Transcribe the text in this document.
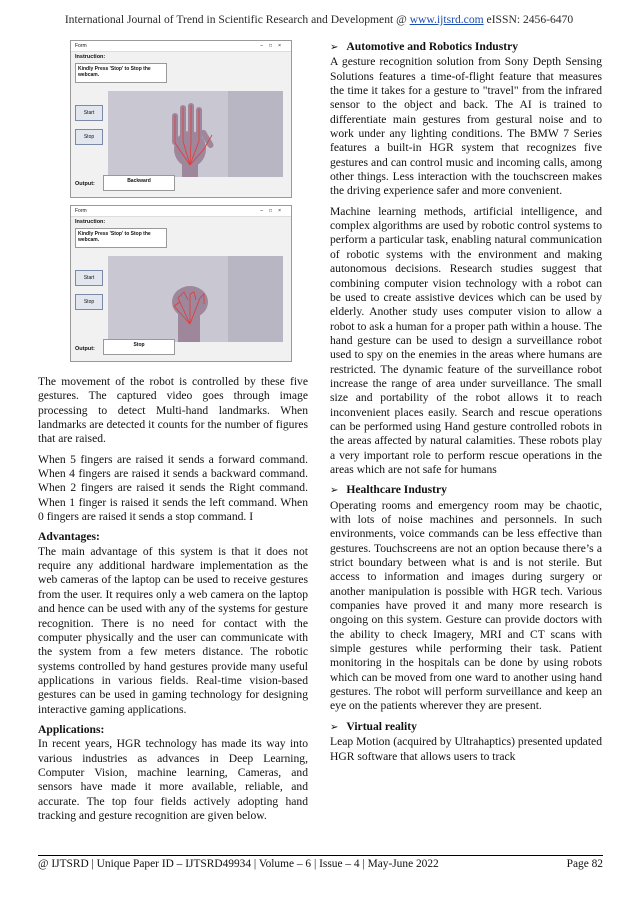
International Journal of Trend in Scientific Research and Development @ www.ijtsrd.com eISSN: 2456-6470
Form	–□×
Instruction:
Kindly Press 'Stop' to Stop the webcam.
Start
Stop
Output:	Backward
Form	–□×
Instruction:
Kindly Press 'Stop' to Stop the webcam.
Start
Stop
Output:
Stop

The movement of the robot is controlled by these five gestures. The captured video goes through image processing to detect Multi-hand landmarks. When landmarks are detected it counts for the number of figures that are raised.

When 5 fingers are raised it sends a forward command. When 4 fingers are raised it sends a backward command. When 2 fingers are raised it sends the Right command. When 1 finger is raised it sends the left command. When 0 fingers are raised it sends a stop command. I

Advantages:

The main advantage of this system is that it does not require any additional hardware implementation as the web cameras of the laptop can be used to receive gestures from the user. It requires only a web camera on the laptop and hence can be used with any of the systems for gesture recognition. There is no need for contact with the computer physically and the user can communicate with the system from a few meters distance. The robotic systems controlled by hand gestures provide many useful applications in various fields. Real-time vision-based gestures can be used in gaming technology for designing interactive gaming applications.

Applications:

In recent years, HGR technology has made its way into various industries as advances in Deep Learning, Computer Vision, machine learning, Cameras, and sensors have made it more available, reliable, and accurate. The top four fields actively adopting hand tracking and gesture recognition are given below.

➢ Automotive and Robotics Industry

A gesture recognition solution from Sony Depth Sensing Solutions features a time-of-flight feature that measures the time it takes for a gesture to "travel" from the infrared sensor to the object and back. The AI is trained to differentiate main gestures from gestural noise and to work under any lighting conditions. The BMW 7 Series features a built-in HGR system that recognizes five gestures and can control music and incoming calls, among other things. Less interaction with the touchscreen makes the driving experience safer and more convenient.

Machine learning methods, artificial intelligence, and complex algorithms are used by robotic control systems to perform a particular task, enabling natural communication of robotic systems with the environment and making autonomous decisions. Research studies suggest that combining computer vision technology with a robot can be used to create assistive devices which can be used by elderly. Another study uses computer vision to allow a robot to ask a human for a proper path within a house. The hand gesture can be used to design a surveillance robot used to spy on the enemies in the areas where humans are restricted. The dynamic feature of the surveillance robot increase the range of area under surveillance. The small size and portability of the robot allows it to reach inconvenient places easily. Search and rescue operations can be performed using Hand gesture controlled robots in the areas affected by natural calamities. These robots play a very important role to perform rescue operations in the areas which are not safe for humans

➢ Healthcare Industry

Operating rooms and emergency room may be chaotic, with lots of noise machines and personnels. In such environments, voice commands can be less effective than gestures. Touchscreens are not an option because there’s a strict boundary between what is and is not sterile. But access to information and images during surgery or another manipulation is possible with HGR tech. Various companies have proved it and many more research is ongoing on this system. Gesture can provide doctors with the ability to check Imagery, MRI and CT scans with simple gestures while performing their task. Patient monitoring in the hospitals can be done by using robots which can be moved from one ward to another using hand gestures. The robot will perform surveillance and keep an eye on the patients wherever they are present.

➢ Virtual reality

Leap Motion (acquired by Ultrahaptics) presented updated HGR software that allows users to track

@ IJTSRD | Unique Paper ID – IJTSRD49934 | Volume – 6 | Issue – 4 | May-June 2022	Page 82
